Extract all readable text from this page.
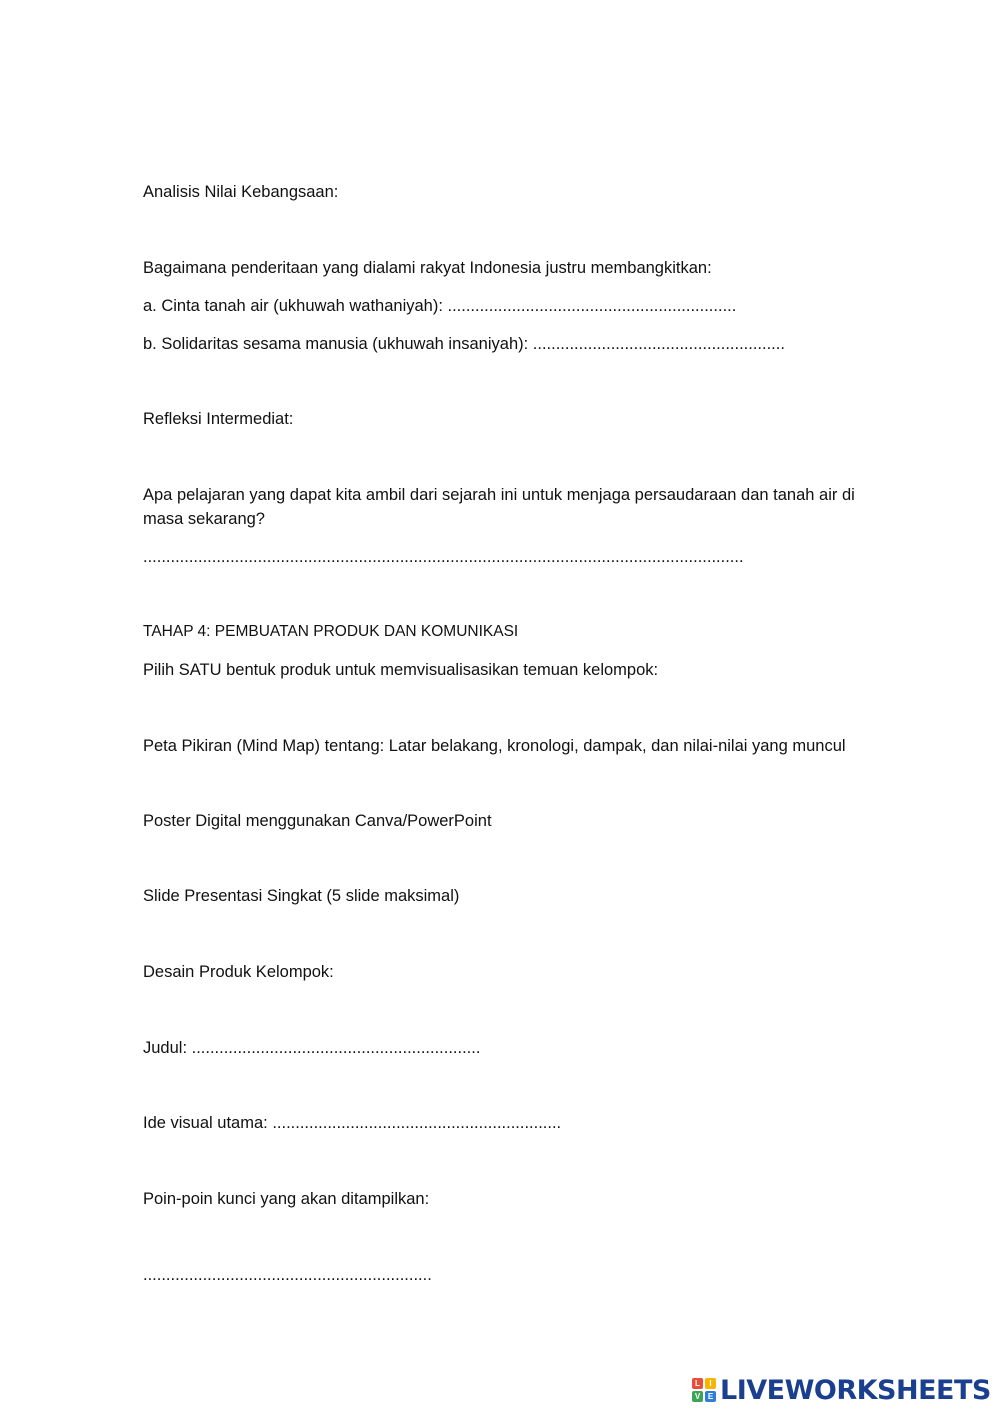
Analisis Nilai Kebangsaan:
Bagaimana penderitaan yang dialami rakyat Indonesia justru membangkitkan:
a. Cinta tanah air (ukhuwah wathaniyah): ...............................................................
b. Solidaritas sesama manusia (ukhuwah insaniyah): .......................................................
Refleksi Intermediat:
Apa pelajaran yang dapat kita ambil dari sejarah ini untuk menjaga persaudaraan dan tanah air di masa sekarang?
...................................................................................................................................
TAHAP 4: PEMBUATAN PRODUK DAN KOMUNIKASI
Pilih SATU bentuk produk untuk memvisualisasikan temuan kelompok:
Peta Pikiran (Mind Map) tentang: Latar belakang, kronologi, dampak, dan nilai-nilai yang muncul
Poster Digital menggunakan Canva/PowerPoint
Slide Presentasi Singkat (5 slide maksimal)
Desain Produk Kelompok:
Judul: ...............................................................
Ide visual utama: ...............................................................
Poin-poin kunci yang akan ditampilkan:
...............................................................
L	I
V E LIVEWORKSHEETS
